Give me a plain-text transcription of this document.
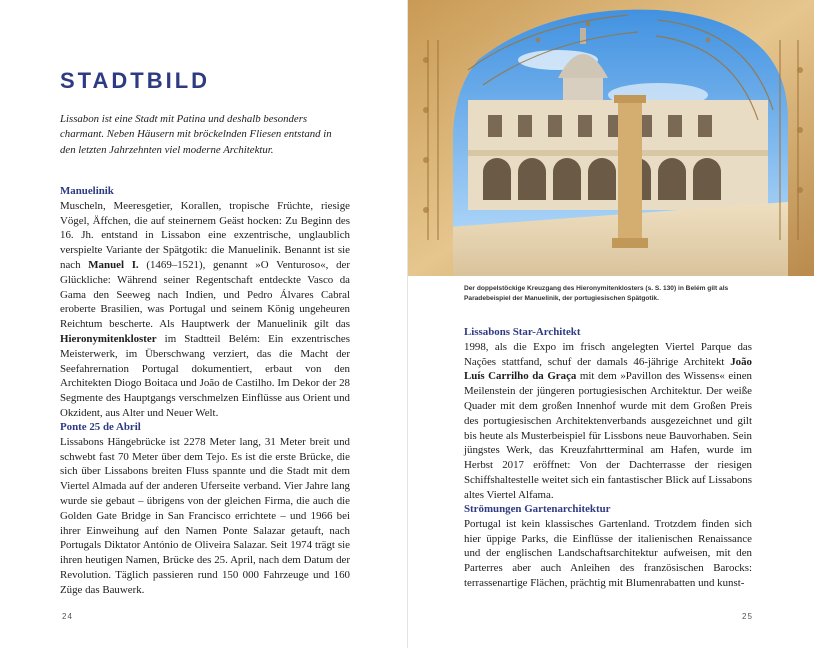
STADTBILD

Lissabon ist eine Stadt mit Patina und deshalb besonders charmant. Neben Häusern mit bröckelnden Fliesen entstand in den letzten Jahrzehnten viel moderne Architektur.

Manuelinik

Muscheln, Meeresgetier, Korallen, tropische Früchte, riesige Vögel, Äffchen, die auf steinernem Geäst hocken: Zu Beginn des 16. Jh. entstand in Lissabon eine exzentrische, unglaublich verspielte Variante der Spätgotik: die Manuelinik. Benannt ist sie nach Manuel I. (1469–1521), genannt »O Venturoso«, der Glückliche: Während seiner Regentschaft entdeckte Vasco da Gama den Seeweg nach Indien, und Pedro Álvares Cabral eroberte Brasilien, was Portugal und seinem König ungeheuren Reichtum bescherte. Als Hauptwerk der Manuelinik gilt das Hieronymitenkloster im Stadtteil Belém: Ein exzentrisches Meisterwerk, im Überschwang verziert, das die Macht der Seefahrernation Portugal dokumentiert, erbaut von den Architekten Diogo Boitaca und João de Castilho. Im Dekor der 28 Segmente des Hauptgangs verschmelzen Einflüsse aus Orient und Okzident, aus Alter und Neuer Welt.

Ponte 25 de Abril

Lissabons Hängebrücke ist 2278 Meter lang, 31 Meter breit und schwebt fast 70 Meter über dem Tejo. Es ist die erste Brücke, die sich über Lissabons breiten Fluss spannte und die Stadt mit dem Viertel Almada auf der anderen Uferseite verband. Vier Jahre lang wurde sie gebaut – übrigens von der gleichen Firma, die auch die Golden Gate Bridge in San Francisco errichtete – und 1966 bei ihrer Einweihung auf den Namen Ponte Salazar getauft, nach Portugals Diktator António de Oliveira Salazar. Seit 1974 trägt sie ihren heutigen Namen, Brücke des 25. April, nach dem Datum der Revolution. Täglich passieren rund 150 000 Fahrzeuge und 160 Züge das Bauwerk.

24

Der doppelstöckige Kreuzgang des Hieronymitenklosters (s. S. 130) in Belém gilt als Paradebeispiel der Manuelinik, der portugiesischen Spätgotik.

Lissabons Star-Architekt

1998, als die Expo im frisch angelegten Viertel Parque das Nações stattfand, schuf der damals 46-jährige Architekt João Luís Carrilho da Graça mit dem »Pavillon des Wissens« einen Meilenstein der jüngeren portugiesischen Architektur. Der weiße Quader mit dem großen Innenhof wurde mit dem Großen Preis des portugiesischen Architektenverbands ausgezeichnet und gilt bis heute als Musterbeispiel für Lissbons neue Bauvorhaben. Sein jüngstes Werk, das Kreuzfahrtterminal am Hafen, wurde im Herbst 2017 eröffnet: Von der Dachterrasse der riesigen Schiffshaltestelle weitet sich ein fantastischer Blick auf Lissabons altes Viertel Alfama.

Strömungen Gartenarchitektur

Portugal ist kein klassisches Gartenland. Trotzdem finden sich hier üppige Parks, die Einflüsse der italienischen Renaissance und der englischen Landschaftsarchitektur aufweisen, mit den Parterres aber auch Anleihen des französischen Barocks: terrassenartige Flächen, prächtig mit Blumenrabatten und kunst-

25
